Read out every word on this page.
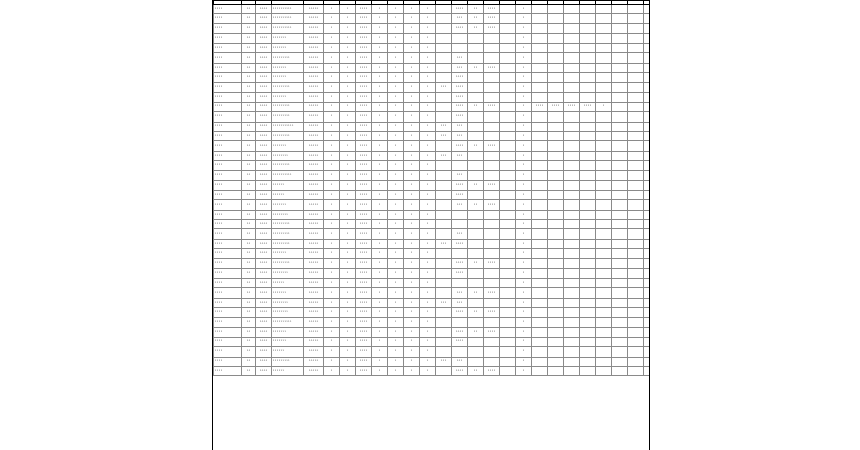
1 1 1 1	1.1	1.1.1.1	1 1 1 1 1 1 1 1 1 1	1.1.1 1.1	1	1	1 1 1 1	1	1	1	1		1.1.1 1	1 1	1 1 1 1		1								
1 1 1 1	1.1	1.1.1.1	1 1 1 1 1 1 1 1 1 1	1.1.1 1.1	1	1	1 1 1 1	1	1	1	1		1.1 1	1 1	1 1 1 1		1								
1 1 1 1	1.1	1.1.1.1	1 1 1 1 1 1 1 1 1 1	1.1.1 1.1	1	1	1 1 1 1	1	1	1	1		1.1.1 1	1 1	1 1 1 1		1								
1 1 1 1	1.1	1.1.1.1	1 1 1 1 1 1 1	1.1.1 1.1	1	1	1 1 1 1	1	1	1	1						1								
1 1 1 1	1.1	1.1.1.1	1 1 1 1 1 1 1	1.1.1 1.1	1	1	1 1 1 1	1	1	1	1						1								
1 1 1 1	1.1	1.1.1.1	1 1 1 1 1 1 1 1 1	1.1.1 1.1	1	1	1 1 1 1	1	1	1	1		1.1 1				1								
1 1 1 1	1.1	1.1.1.1	1 1 1 1 1 1 1	1.1.1 1.1	1	1	1 1 1 1	1	1	1	1		1.1 1	1 1	1 1 1 1		1								
1 1 1 1	1.1	1.1.1.1	1 1 1 1 1 1 1	1.1.1 1.1	1	1	1 1 1 1	1	1	1	1		1.1.1 1				1								
1 1 1 1	1.1	1.1.1.1	1 1 1 1 1 1 1 1 1	1.1.1 1.1	1	1	1 1 1 1	1	1	1	1	1 1 1	1.1.1 1				1								
1 1 1 1	1.1	1.1.1.1	1 1 1 1 1 1 1	1.1.1 1.1	1	1	1 1 1 1	1	1	1	1		1.1.1 1				1								
1 1 1 1	1.1	1.1.1.1	1 1 1 1 1 1 1 1 1	1.1.1 1.1	1	1	1 1 1 1	1	1	1	1		1.1.1 1	1 1	1 1 1 1		1	1 1 1 1	1 1 1 1	1 1 1 1	1 1 1 1	1			
1 1 1 1	1.1	1.1.1.1	1 1 1 1 1 1 1 1 1	1.1.1 1.1	1	1	1 1 1 1	1	1	1	1		1.1.1 1				1								
1 1 1 1	1.1	1.1.1.1	1 1 1 1 1 1 1 1 1 1 1	1.1.1 1.1	1	1	1 1 1 1	1	1	1	1	1 1 1	1.1 1				1								
1 1 1 1	1.1	1.1.1.1	1 1 1 1 1 1 1 1 1	1.1.1 1.1	1	1	1 1 1 1	1	1	1	1	1 1 1	1.1 1				1								
1 1 1 1	1.1	1.1.1.1	1 1 1 1 1 1 1	1.1.1 1.1	1	1	1 1 1 1	1	1	1	1		1.1.1 1	1 1	1 1 1 1		1								
1 1 1 1	1.1	1.1.1.1	1 1 1 1 1 1 1 1	1.1.1 1.1	1	1	1 1 1 1	1	1	1	1	1 1 1	1.1 1				1								
1 1 1 1	1.1	1.1.1.1	1 1 1 1 1 1 1 1 1	1.1.1 1.1	1	1	1 1 1 1	1	1	1	1						1								
1 1 1 1	1.1	1.1.1.1	1 1 1 1 1 1 1 1 1 1	1.1.1 1.1	1	1	1 1 1 1	1	1	1	1		1.1 1				1								
1 1 1 1	1.1	1.1.1.1	1 1 1 1 1 1	1.1.1 1.1	1	1	1 1 1 1	1	1	1	1		1.1.1 1	1 1	1 1 1 1		1								
1 1 1 1	1.1	1.1.1.1	1 1 1 1 1 1	1.1.1 1.1	1	1	1 1 1 1	1	1	1	1		1.1.1 1				1								
1 1 1 1	1.1	1.1.1.1	1 1 1 1 1 1 1	1.1.1 1.1	1	1	1 1 1 1	1	1	1	1		1.1 1	1 1	1 1 1 1		1								
1 1 1 1	1.1	1.1.1.1	1 1 1 1 1 1 1 1	1.1.1 1.1	1	1	1 1 1 1	1	1	1	1						1								
1 1 1 1	1.1	1.1.1.1	1 1 1 1 1 1 1 1 1	1.1.1 1.1	1	1	1 1 1 1	1	1	1	1						1								
1 1 1 1	1.1	1.1.1.1	1 1 1 1 1 1 1 1 1	1.1.1 1.1	1	1	1 1 1 1	1	1	1	1		1.1 1				1								
1 1 1 1	1.1	1.1.1.1	1 1 1 1 1 1 1 1 1	1.1.1 1.1	1	1	1 1 1 1	1	1	1	1	1 1 1	1.1.1 1				1								
1 1 1 1	1.1	1.1.1.1	1 1 1 1 1 1 1	1.1.1 1.1	1	1	1 1 1 1	1	1	1	1						1								
1 1 1 1	1.1	1.1.1.1	1 1 1 1 1 1 1 1 1	1.1.1 1.1	1	1	1 1 1 1	1	1	1	1		1.1.1 1	1 1	1 1 1 1		1								
1 1 1 1	1.1	1.1.1.1	1 1 1 1 1 1 1 1	1.1.1 1.1	1	1	1 1 1 1	1	1	1	1		1.1.1 1				1								
1 1 1 1	1.1	1.1.1.1	1 1 1 1 1 1	1.1.1 1.1	1	1	1 1 1 1	1	1	1	1						1								
1 1 1 1	1.1	1.1.1.1	1 1 1 1 1 1 1	1.1.1 1.1	1	1	1 1 1 1	1	1	1	1		1.1 1	1 1	1 1 1 1		1								
1 1 1 1	1.1	1.1.1.1	1 1 1 1 1 1 1 1	1.1.1 1.1	1	1	1 1 1 1	1	1	1	1	1 1 1	1.1 1				1								
1 1 1 1	1.1	1.1.1.1	1 1 1 1 1 1 1 1	1.1.1 1.1	1	1	1 1 1 1	1	1	1	1		1.1.1 1	1 1	1 1 1 1		1								
1 1 1 1	1.1	1.1.1.1	1 1 1 1 1 1 1 1 1 1	1.1.1 1.1	1	1	1 1 1 1	1	1	1	1						1								
1 1 1 1	1.1	1.1.1.1	1 1 1 1 1 1 1	1.1.1 1.1	1	1	1 1 1 1	1	1	1	1		1.1.1 1	1 1	1 1 1 1		1								
1 1 1 1	1.1	1.1.1.1	1 1 1 1 1 1 1	1.1.1 1.1	1	1	1 1 1 1	1	1	1	1		1.1.1 1				1								
1 1 1 1	1.1	1.1.1.1	1 1 1 1 1 1	1.1.1 1.1	1	1	1 1 1 1	1	1	1	1						1								
1 1 1 1	1.1	1.1.1.1	1 1 1 1 1 1 1 1 1	1.1.1 1.1	1	1	1 1 1 1	1	1	1	1	1 1 1	1.1 1				1								
1 1 1 1	1.1	1.1.1.1	1 1 1 1 1 1	1.1.1 1.1	1	1	1 1 1 1	1	1	1	1		1.1.1 1	1 1	1 1 1 1		1								
